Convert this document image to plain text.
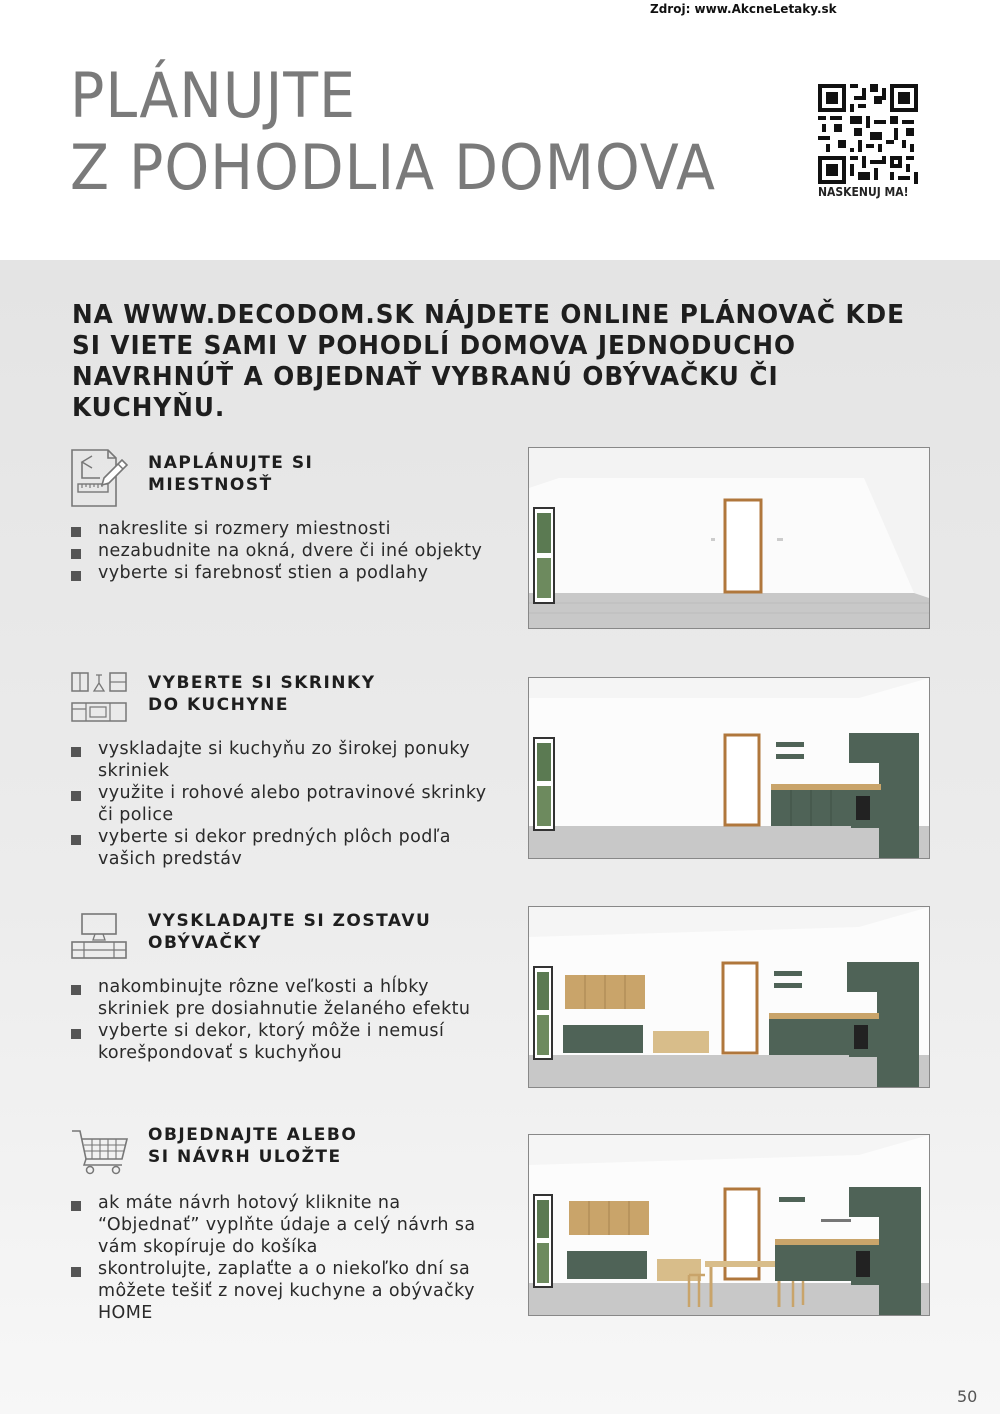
Zdroj: www.AkcneLetaky.sk
PLÁNUJTE
Z POHODLIA DOMOVA	NASKENUJ MA!

NA WWW.DECODOM.SK NÁJDETE ONLINE PLÁNOVAČ KDE SI VIETE SAMI V POHODLÍ DOMOVA JEDNODUCHO NAVRHNÚŤ A OBJEDNAŤ VYBRANÚ OBÝVAČKU ČI KUCHYŇU.

NAPLÁNUJTE SI
MIESTNOSŤ
nakreslite si rozmery miestnosti
nezabudnite na okná, dvere či iné objekty
vyberte si farebnosť stien a podlahy
VYBERTE SI SKRINKY
DO KUCHYNE
vyskladajte si kuchyňu zo širokej ponuky skriniek
využite i rohové alebo potravinové skrinky či police
vyberte si dekor predných plôch podľa vašich predstáv
VYSKLADAJTE SI ZOSTAVU
OBÝVAČKY
nakombinujte rôzne veľkosti a hĺbky skriniek pre dosiahnutie želaného efektu
vyberte si dekor, ktorý môže i nemusí korešpondovať s kuchyňou
OBJEDNAJTE ALEBO
SI NÁVRH ULOŽTE
ak máte návrh hotový kliknite na “Objednať” vyplňte údaje a celý návrh sa vám skopíruje do košíka
skontrolujte, zaplaťte a o niekoľko dní sa môžete tešiť z novej kuchyne a obývačky HOME
50
